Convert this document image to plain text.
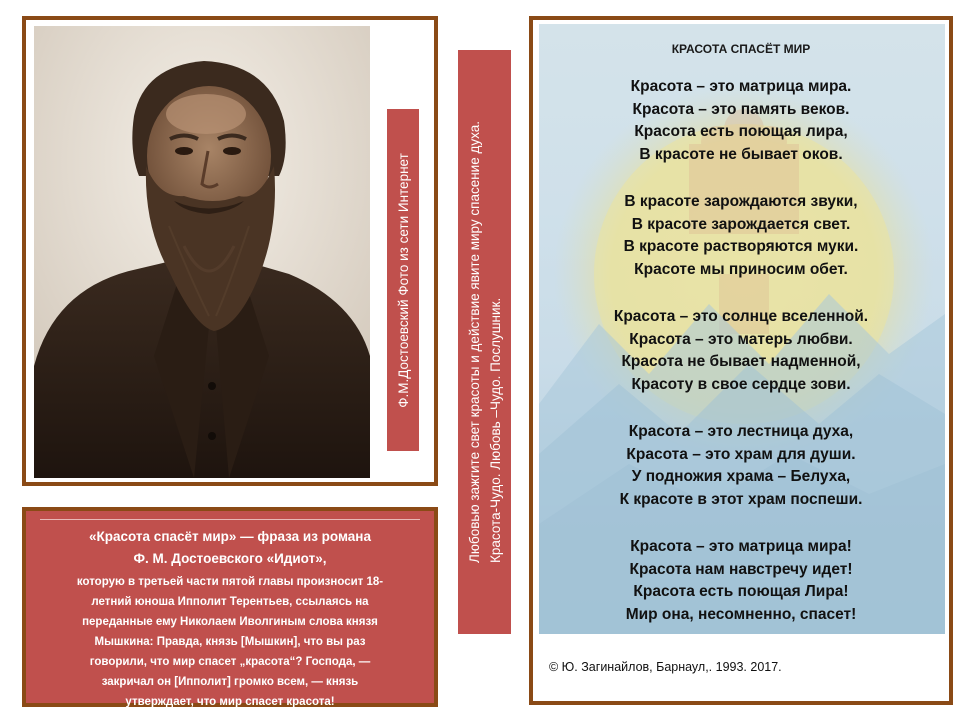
Ф.М.Достоевский Фото из сети Интернет
«Красота спасёт мир» — фраза из романа
Ф. М. Достоевского «Идиот»,
которую в третьей части пятой главы произносит 18-
летний юноша Ипполит Терентьев, ссылаясь на
переданные ему Николаем Иволгиным слова князя
Мышкина: Правда, князь [Мышкин], что вы раз
говорили, что мир спасет „красота“? Господа, —
закричал он [Ипполит] громко всем, — князь
утверждает, что мир спасет красота!
Любовью зажгите свет красоты и действие явите миру спасение духа. Красота-Чудо. Любовь –Чудо. Послушник.
КРАСОТА СПАСЁТ МИР
Красота – это матрица мира.
Красота – это память веков.
Красота есть поющая лира,
В красоте не бывает оков.
В красоте зарождаются звуки,
В красоте зарождается свет.
В красоте растворяются муки.
Красоте мы приносим обет.
Красота – это солнце вселенной.
Красота – это матерь любви.
Красота не бывает надменной,
Красоту в свое сердце зови.
Красота – это лестница духа,
Красота – это храм для души.
У подножия храма – Белуха,
К красоте в этот храм поспеши.
Красота – это матрица мира!
Красота нам навстречу идет!
Красота есть поющая Лира!
Мир она, несомненно, спасет!
© Ю. Загинайлов, Барнаул,. 1993. 2017.
